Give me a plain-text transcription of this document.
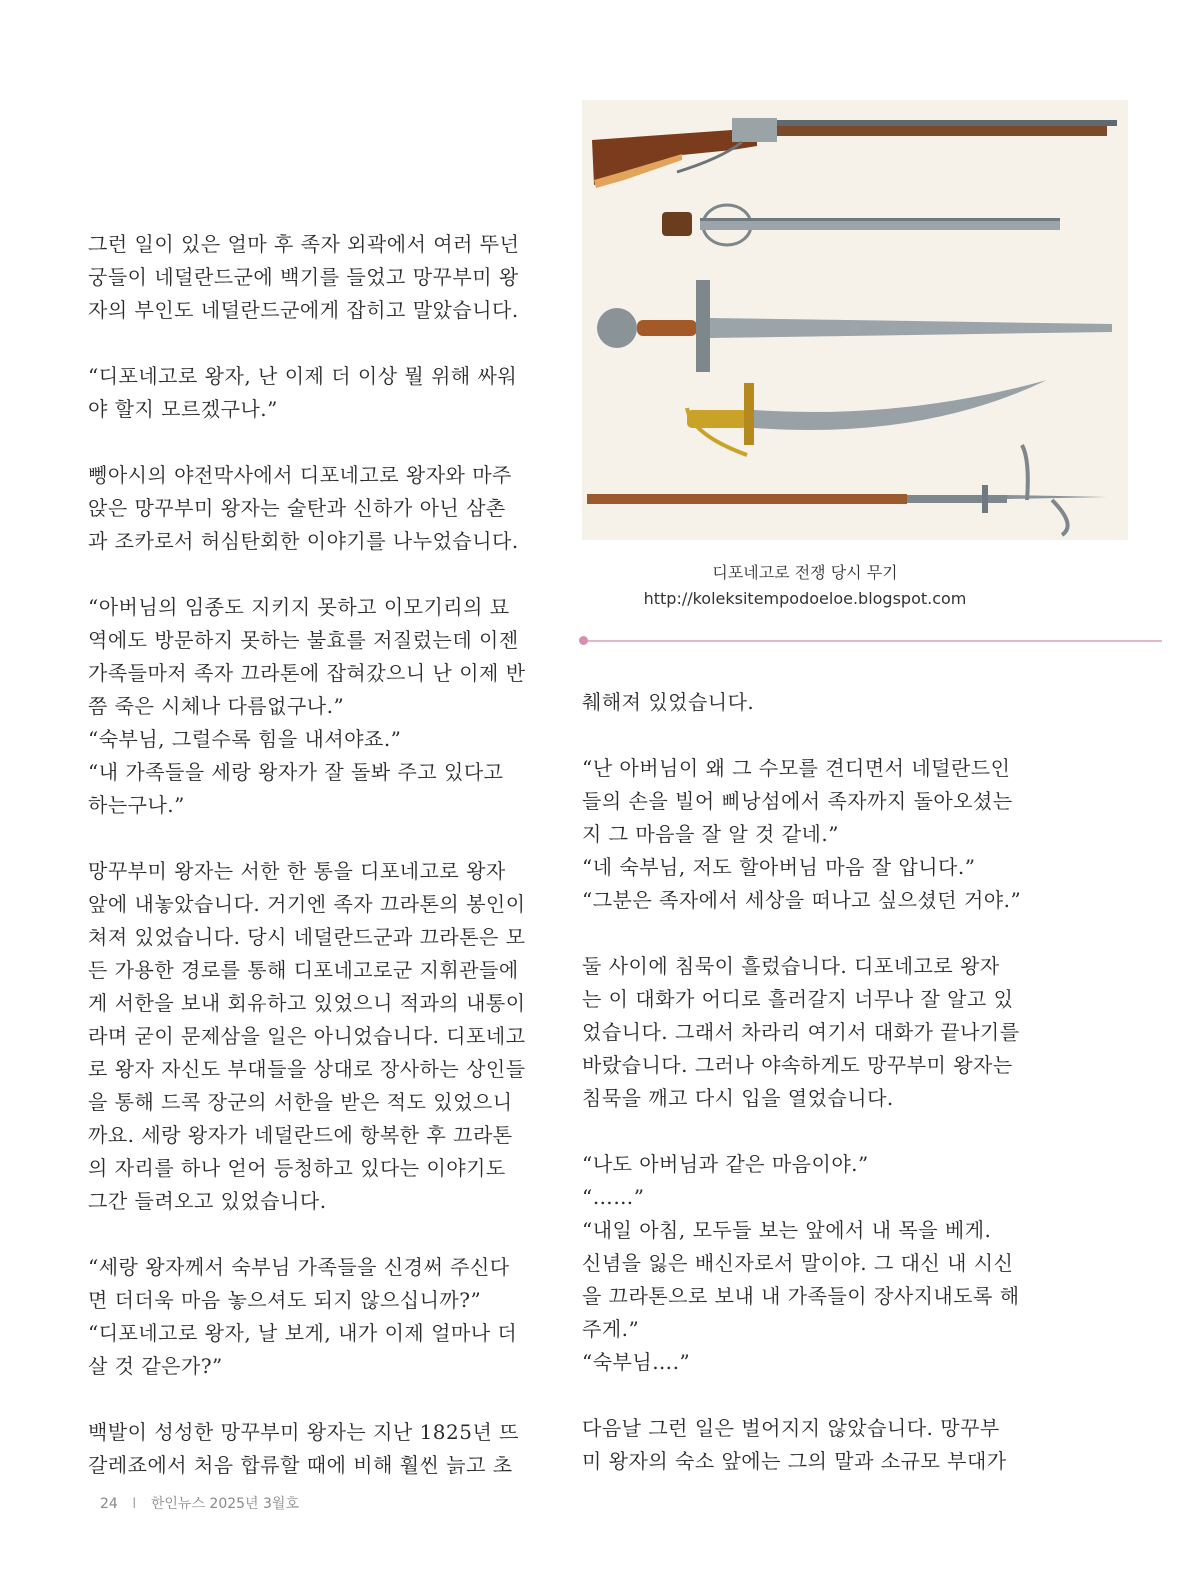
그런 일이 있은 얼마 후 족자 외곽에서 여러 뚜넌
궁들이 네덜란드군에 백기를 들었고 망꾸부미 왕
자의 부인도 네덜란드군에게 잡히고 말았습니다.

“디포네고로 왕자, 난 이제 더 이상 뭘 위해 싸워
야 할지 모르겠구나.”

뼁아시의 야전막사에서 디포네고로 왕자와 마주
앉은 망꾸부미 왕자는 술탄과 신하가 아닌 삼촌
과 조카로서 허심탄회한 이야기를 나누었습니다.

“아버님의 임종도 지키지 못하고 이모기리의 묘
역에도 방문하지 못하는 불효를 저질렀는데 이젠
가족들마저 족자 끄라톤에 잡혀갔으니 난 이제 반
쯤 죽은 시체나 다름없구나.”
“숙부님, 그럴수록 힘을 내셔야죠.”
“내 가족들을 세랑 왕자가 잘 돌봐 주고 있다고
하는구나.”

망꾸부미 왕자는 서한 한 통을 디포네고로 왕자
앞에 내놓았습니다. 거기엔 족자 끄라톤의 봉인이
쳐져 있었습니다. 당시 네덜란드군과 끄라톤은 모
든 가용한 경로를 통해 디포네고로군 지휘관들에
게 서한을 보내 회유하고 있었으니 적과의 내통이
라며 굳이 문제삼을 일은 아니었습니다. 디포네고
로 왕자 자신도 부대들을 상대로 장사하는 상인들
을 통해 드콕 장군의 서한을 받은 적도 있었으니
까요. 세랑 왕자가 네덜란드에 항복한 후 끄라톤
의 자리를 하나 얻어 등청하고 있다는 이야기도
그간 들려오고 있었습니다.

“세랑 왕자께서 숙부님 가족들을 신경써 주신다
면 더더욱 마음 놓으셔도 되지 않으십니까?”
“디포네고로 왕자, 날 보게, 내가 이제 얼마나 더
살 것 같은가?”

백발이 성성한 망꾸부미 왕자는 지난 1825년 뜨
갈레죠에서 처음 합류할 때에 비해 훨씬 늙고 초

디포네고로 전쟁 당시 무기
http://koleksitempodoeloe.blogspot.com

췌해져 있었습니다.

“난 아버님이 왜 그 수모를 견디면서 네덜란드인
들의 손을 빌어 삐낭섬에서 족자까지 돌아오셨는
지 그 마음을 잘 알 것 같네.”
“네 숙부님, 저도 할아버님 마음 잘 압니다.”
“그분은 족자에서 세상을 떠나고 싶으셨던 거야.”

둘 사이에 침묵이 흘렀습니다. 디포네고로 왕자
는 이 대화가 어디로 흘러갈지 너무나 잘 알고 있
었습니다. 그래서 차라리 여기서 대화가 끝나기를
바랐습니다. 그러나 야속하게도 망꾸부미 왕자는
침묵을 깨고 다시 입을 열었습니다.

“나도 아버님과 같은 마음이야.”
“……”
“내일 아침, 모두들 보는 앞에서 내 목을 베게.
신념을 잃은 배신자로서 말이야. 그 대신 내 시신
을 끄라톤으로 보내 내 가족들이 장사지내도록 해
주게.”
“숙부님….”

다음날 그런 일은 벌어지지 않았습니다. 망꾸부
미 왕자의 숙소 앞에는 그의 말과 소규모 부대가

24 I 한인뉴스 2025년 3월호
